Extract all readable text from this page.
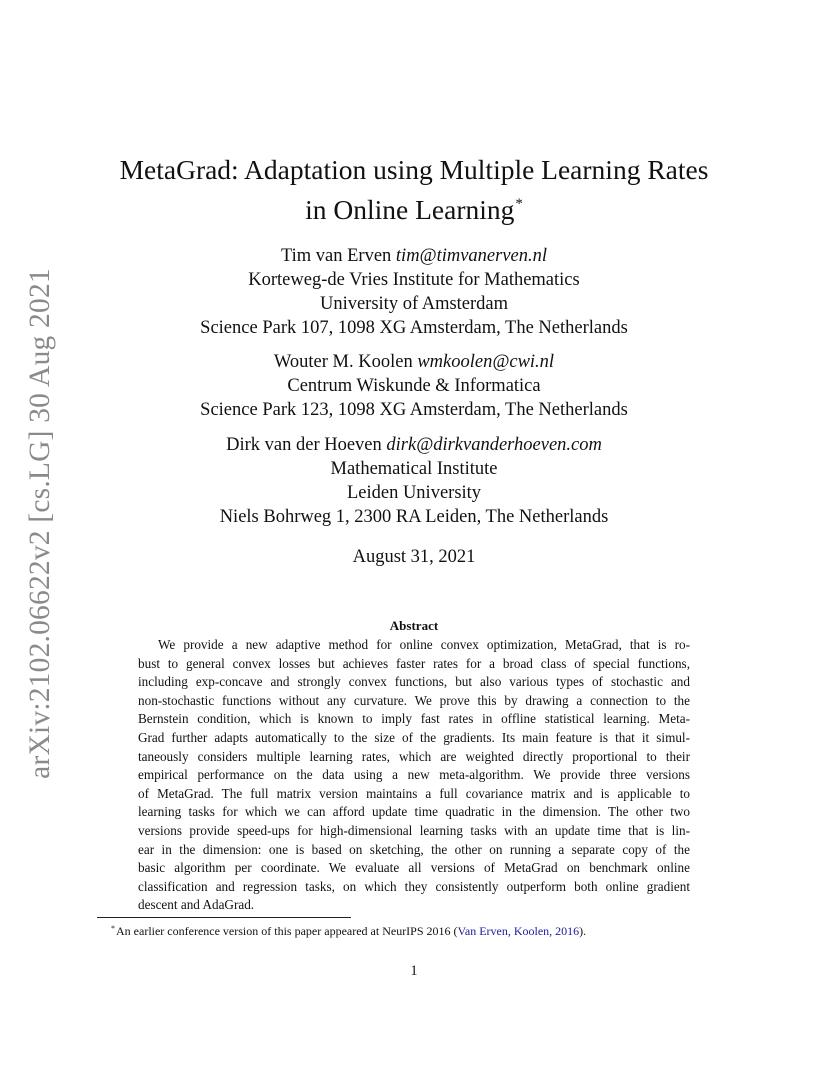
arXiv:2102.06622v2 [cs.LG] 30 Aug 2021
MetaGrad: Adaptation using Multiple Learning Rates
in Online Learning*
Tim van Erven tim@timvanerven.nl
Korteweg-de Vries Institute for Mathematics
University of Amsterdam
Science Park 107, 1098 XG Amsterdam, The Netherlands
Wouter M. Koolen wmkoolen@cwi.nl
Centrum Wiskunde & Informatica
Science Park 123, 1098 XG Amsterdam, The Netherlands
Dirk van der Hoeven dirk@dirkvanderhoeven.com
Mathematical Institute
Leiden University
Niels Bohrweg 1, 2300 RA Leiden, The Netherlands
August 31, 2021
Abstract
We provide a new adaptive method for online convex optimization, MetaGrad, that is ro-
bust to general convex losses but achieves faster rates for a broad class of special functions,
including exp-concave and strongly convex functions, but also various types of stochastic and
non-stochastic functions without any curvature. We prove this by drawing a connection to the
Bernstein condition, which is known to imply fast rates in offline statistical learning. Meta-
Grad further adapts automatically to the size of the gradients. Its main feature is that it simul-
taneously considers multiple learning rates, which are weighted directly proportional to their
empirical performance on the data using a new meta-algorithm. We provide three versions
of MetaGrad. The full matrix version maintains a full covariance matrix and is applicable to
learning tasks for which we can afford update time quadratic in the dimension. The other two
versions provide speed-ups for high-dimensional learning tasks with an update time that is lin-
ear in the dimension: one is based on sketching, the other on running a separate copy of the
basic algorithm per coordinate. We evaluate all versions of MetaGrad on benchmark online
classification and regression tasks, on which they consistently outperform both online gradient
descent and AdaGrad.
*An earlier conference version of this paper appeared at NeurIPS 2016 (Van Erven, Koolen, 2016).
1
